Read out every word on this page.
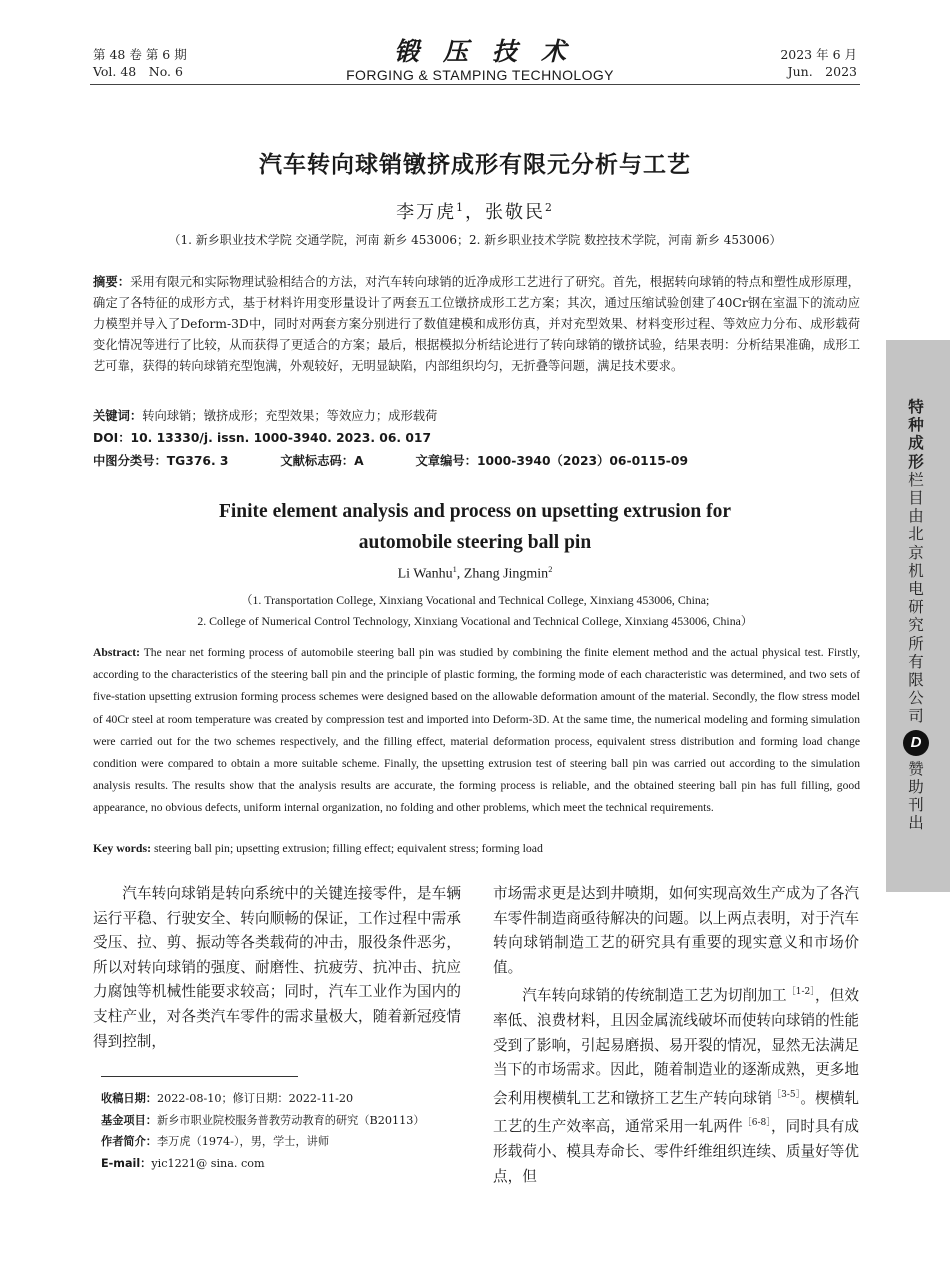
第 48 卷 第 6 期
Vol. 48　No. 6
锻压技术
FORGING & STAMPING TECHNOLOGY
2023 年 6 月
Jun.　2023
汽车转向球销镦挤成形有限元分析与工艺
李万虎$^1$，张敬民$^2$
（1. 新乡职业技术学院 交通学院，河南 新乡 453006；2. 新乡职业技术学院 数控技术学院，河南 新乡 453006）
摘要：采用有限元和实际物理试验相结合的方法，对汽车转向球销的近净成形工艺进行了研究。首先，根据转向球销的特点和塑性成形原理，确定了各特征的成形方式，基于材料许用变形量设计了两套五工位镦挤成形工艺方案；其次，通过压缩试验创建了40Cr钢在室温下的流动应力模型并导入了Deform-3D中，同时对两套方案分别进行了数值建模和成形仿真，并对充型效果、材料变形过程、等效应力分布、成形载荷变化情况等进行了比较，从而获得了更适合的方案；最后，根据模拟分析结论进行了转向球销的镦挤试验，结果表明：分析结果准确，成形工艺可靠，获得的转向球销充型饱满，外观较好，无明显缺陷，内部组织均匀，无折叠等问题，满足技术要求。
关键词：转向球销；镦挤成形；充型效果；等效应力；成形载荷
DOI：10. 13330/j. issn. 1000-3940. 2023. 06. 017
中图分类号：TG376. 3	文献标志码：A	文章编号：1000-3940（2023）06-0115-09
Finite element analysis and process on upsetting extrusion for
automobile steering ball pin
Li Wanhu$^1$, Zhang Jingmin$^2$
（1. Transportation College, Xinxiang Vocational and Technical College, Xinxiang 453006, China;
2. College of Numerical Control Technology, Xinxiang Vocational and Technical College, Xinxiang 453006, China）
Abstract: The near net forming process of automobile steering ball pin was studied by combining the finite element method and the actual physical test. Firstly, according to the characteristics of the steering ball pin and the principle of plastic forming, the forming mode of each characteristic was determined, and two sets of five-station upsetting extrusion forming process schemes were designed based on the allowable deformation amount of the material. Secondly, the flow stress model of 40Cr steel at room temperature was created by compression test and imported into Deform-3D. At the same time, the numerical modeling and forming simulation were carried out for the two schemes respectively, and the filling effect, material deformation process, equivalent stress distribution and forming load change condition were compared to obtain a more suitable scheme. Finally, the upsetting extrusion test of steering ball pin was carried out according to the simulation analysis results. The results show that the analysis results are accurate, the forming process is reliable, and the obtained steering ball pin has full filling, good appearance, no obvious defects, uniform internal organization, no folding and other problems, which meet the technical requirements.
Key words: steering ball pin; upsetting extrusion; filling effect; equivalent stress; forming load

汽车转向球销是转向系统中的关键连接零件，是车辆运行平稳、行驶安全、转向顺畅的保证，工作过程中需承受压、拉、剪、振动等各类载荷的冲击，服役条件恶劣，所以对转向球销的强度、耐磨性、抗疲劳、抗冲击、抗应力腐蚀等机械性能要求较高；同时，汽车工业作为国内的支柱产业，对各类汽车零件的需求量极大，随着新冠疫情得到控制，

市场需求更是达到井喷期，如何实现高效生产成为了各汽车零件制造商亟待解决的问题。以上两点表明，对于汽车转向球销制造工艺的研究具有重要的现实意义和市场价值。

汽车转向球销的传统制造工艺为切削加工$^{[1-2]}$，但效率低、浪费材料，且因金属流线破坏而使转向球销的性能受到了影响，引起易磨损、易开裂的情况，显然无法满足当下的市场需求。因此，随着制造业的逐渐成熟，更多地会利用楔横轧工艺和镦挤工艺生产转向球销$^{[3-5]}$。楔横轧工艺的生产效率高，通常采用一轧两件$^{[6-8]}$，同时具有成形载荷小、模具寿命长、零件纤维组织连续、质量好等优点，但

收稿日期：2022-08-10；修订日期：2022-11-20
基金项目：新乡市职业院校服务普教劳动教育的研究（B20113）
作者简介：李万虎（1974-），男，学士，讲师
E-mail：yic1221@ sina. com
特
种
成
形
栏
目
由
北
京
机
电
研
究
所
有
限
公
司
D
赞
助
刊
出
